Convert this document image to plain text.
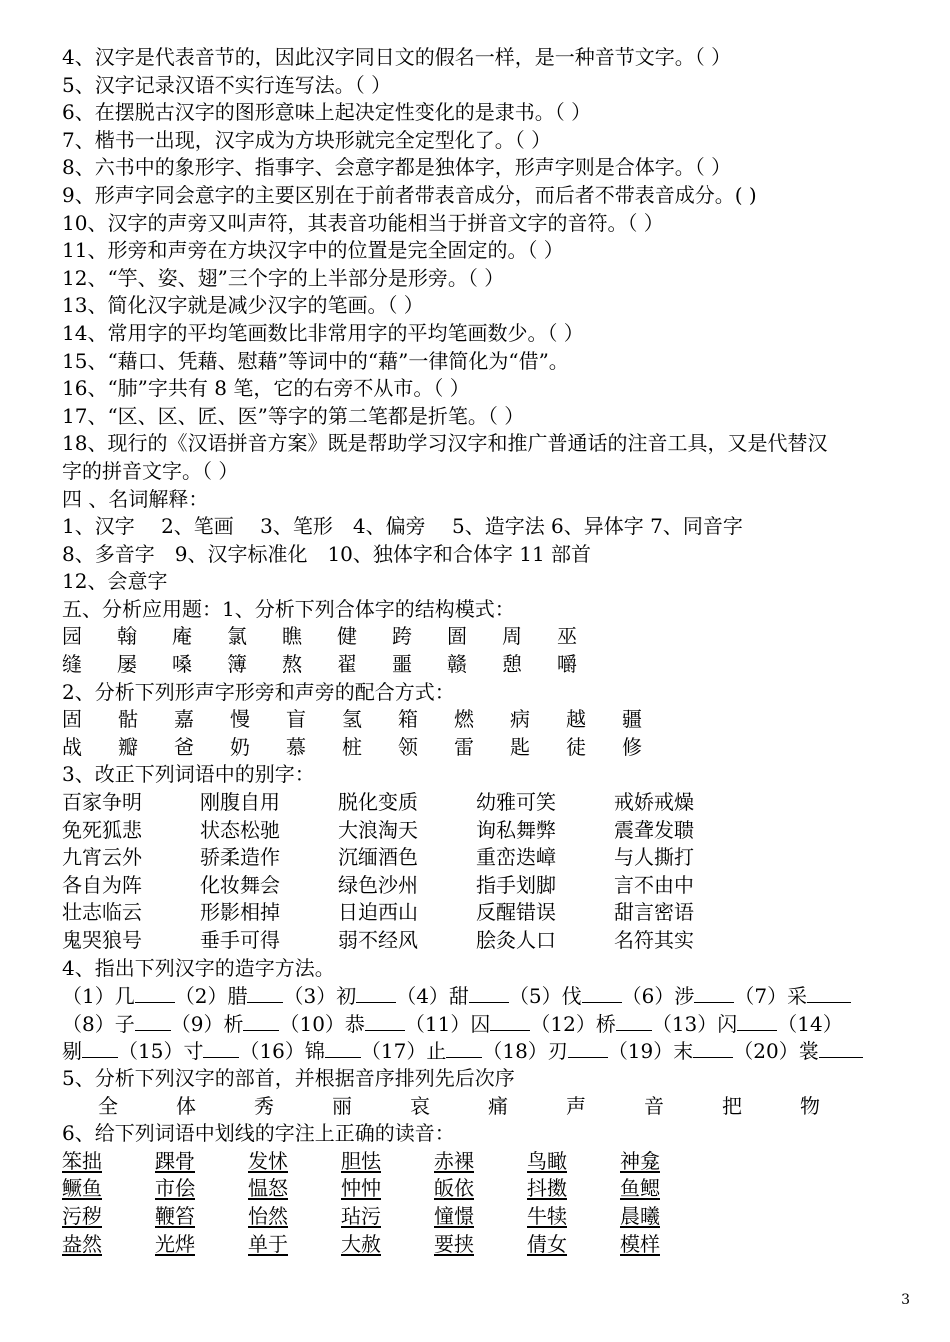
4、汉字是代表音节的，因此汉字同日文的假名一样，是一种音节文字。（ ）
5、汉字记录汉语不实行连写法。（ ）
6、在摆脱古汉字的图形意味上起决定性变化的是隶书。（ ）
7、楷书一出现，汉字成为方块形就完全定型化了。（ ）
8、六书中的象形字、指事字、会意字都是独体字，形声字则是合体字。（ ）
9、形声字同会意字的主要区别在于前者带表音成分，而后者不带表音成分。( )
10、汉字的声旁又叫声符，其表音功能相当于拼音文字的音符。（ ）
11、形旁和声旁在方块汉字中的位置是完全固定的。（ ）
12、“竽、姿、翅”三个字的上半部分是形旁。（ ）
13、简化汉字就是减少汉字的笔画。（ ）
14、常用字的平均笔画数比非常用字的平均笔画数少。（ ）
15、“藉口、凭藉、慰藉”等词中的“藉”一律简化为“借”。
16、“肺”字共有 8 笔，它的右旁不从市。（ ）
17、“区、区、匠、医”等字的第二笔都是折笔。（ ）
18、现行的《汉语拼音方案》既是帮助学习汉字和推广普通话的注音工具，又是代替汉
字的拼音文字。（ ）
四 、名词解释：
1、汉字　 2、笔画　 3、笔形　4、偏旁　 5、造字法 6、异体字 7、同音字
8、多音字　9、汉字标准化　10、独体字和合体字 11 部首
12、会意字
五、分析应用题：1、分析下列合体字的结构模式：
园	翰	庵	氯	瞧	健	跨	圄	周	巫
缝	屡	嗓	簿	熬	翟	噩	赣	憩	嚼
2、分析下列形声字形旁和声旁的配合方式：
固	骷	嘉	慢	盲	氢	箱	燃	病	越	疆
战	瓣	爸	奶	慕	桩	领	雷	匙	徒	修
3、改正下列词语中的别字：
百家争明	刚腹自用	脱化变质	幼雅可笑	戒娇戒燥
免死狐悲	状态松驰	大浪淘天	询私舞弊	震聋发聩
九宵云外	骄柔造作	沉缅酒色	重峦迭嶂	与人撕打
各自为阵	化妆舞会	绿色沙州	指手划脚	言不由中
壮志临云	形影相掉	日迫西山	反醒错误	甜言密语
鬼哭狼号	垂手可得	弱不经风	脍灸人口	名符其实
4、指出下列汉字的造字方法。
（1）几 （2）腊 （3）初 （4）甜 （5）伐 （6）涉 （7）采
（8）子 （9）析 （10）恭 （11）囚 （12）桥 （13）闪 （14）
剔 （15）寸 （16）锦 （17）止 （18）刃 （19）末 （20）裳
5、分析下列汉字的部首，并根据音序排列先后次序
全	体	秀	丽	哀	痛	声	音	把	物
6、给下列词语中划线的字注上正确的读音：
笨拙	踝骨	发怵	胆怯	赤裸	鸟瞰	神龛
鳜鱼	市侩	愠怒	忡忡	皈依	抖擞	鱼鳃
污秽	鞭笞	怡然	玷污	憧憬	牛犊	晨曦
盎然	光烨	单于	大赦	要挟	倩女	模样
3
